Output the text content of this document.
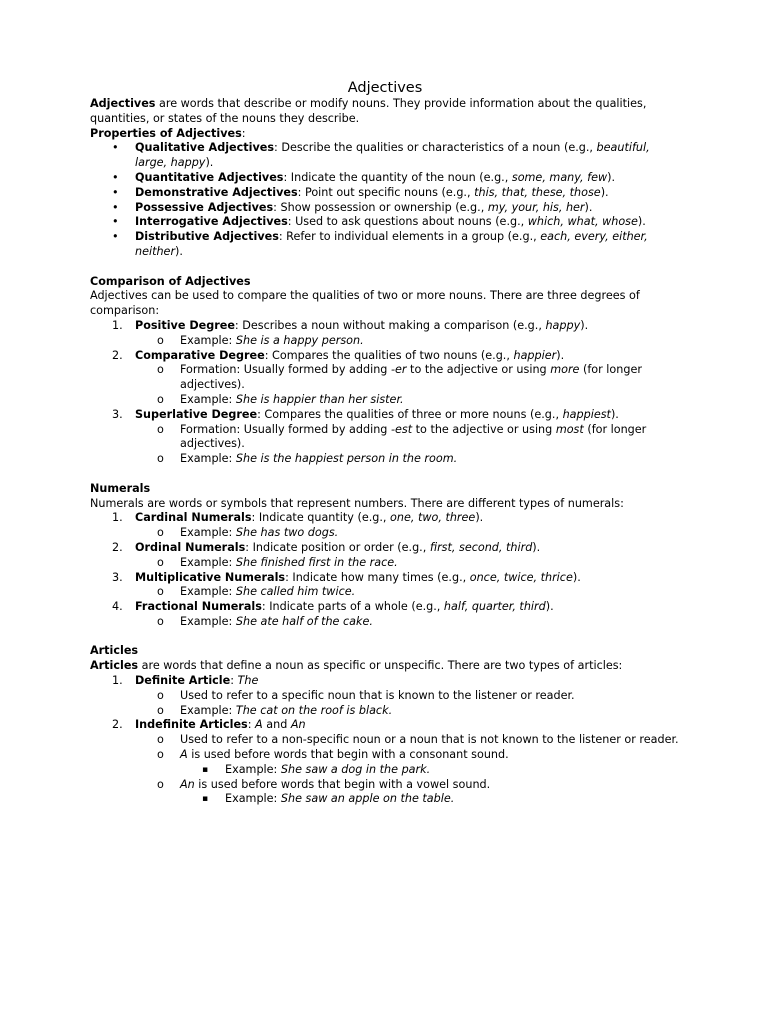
Adjectives

Adjectives are words that describe or modify nouns. They provide information about the qualities, quantities, or states of the nouns they describe.

Properties of Adjectives:

• Qualitative Adjectives: Describe the qualities or characteristics of a noun (e.g., beautiful, large, happy).
• Quantitative Adjectives: Indicate the quantity of the noun (e.g., some, many, few).
• Demonstrative Adjectives: Point out specific nouns (e.g., this, that, these, those).
• Possessive Adjectives: Show possession or ownership (e.g., my, your, his, her).
• Interrogative Adjectives: Used to ask questions about nouns (e.g., which, what, whose).
• Distributive Adjectives: Refer to individual elements in a group (e.g., each, every, either, neither).

Comparison of Adjectives

Adjectives can be used to compare the qualities of two or more nouns. There are three degrees of comparison:

1. Positive Degree: Describes a noun without making a comparison (e.g., happy).
o Example: She is a happy person.
2. Comparative Degree: Compares the qualities of two nouns (e.g., happier).
o Formation: Usually formed by adding -er to the adjective or using more (for longer adjectives).
o Example: She is happier than her sister.
3. Superlative Degree: Compares the qualities of three or more nouns (e.g., happiest).
o Formation: Usually formed by adding -est to the adjective or using most (for longer adjectives).
o Example: She is the happiest person in the room.

Numerals

Numerals are words or symbols that represent numbers. There are different types of numerals:

1. Cardinal Numerals: Indicate quantity (e.g., one, two, three).
o Example: She has two dogs.
2. Ordinal Numerals: Indicate position or order (e.g., first, second, third).
o Example: She finished first in the race.
3. Multiplicative Numerals: Indicate how many times (e.g., once, twice, thrice).
o Example: She called him twice.
4. Fractional Numerals: Indicate parts of a whole (e.g., half, quarter, third).
o Example: She ate half of the cake.

Articles

Articles are words that define a noun as specific or unspecific. There are two types of articles:

1. Definite Article: The
o Used to refer to a specific noun that is known to the listener or reader.
o Example: The cat on the roof is black.
2. Indefinite Articles: A and An
o Used to refer to a non-specific noun or a noun that is not known to the listener or reader.
o A is used before words that begin with a consonant sound.
▪ Example: She saw a dog in the park.
o An is used before words that begin with a vowel sound.
▪ Example: She saw an apple on the table.
